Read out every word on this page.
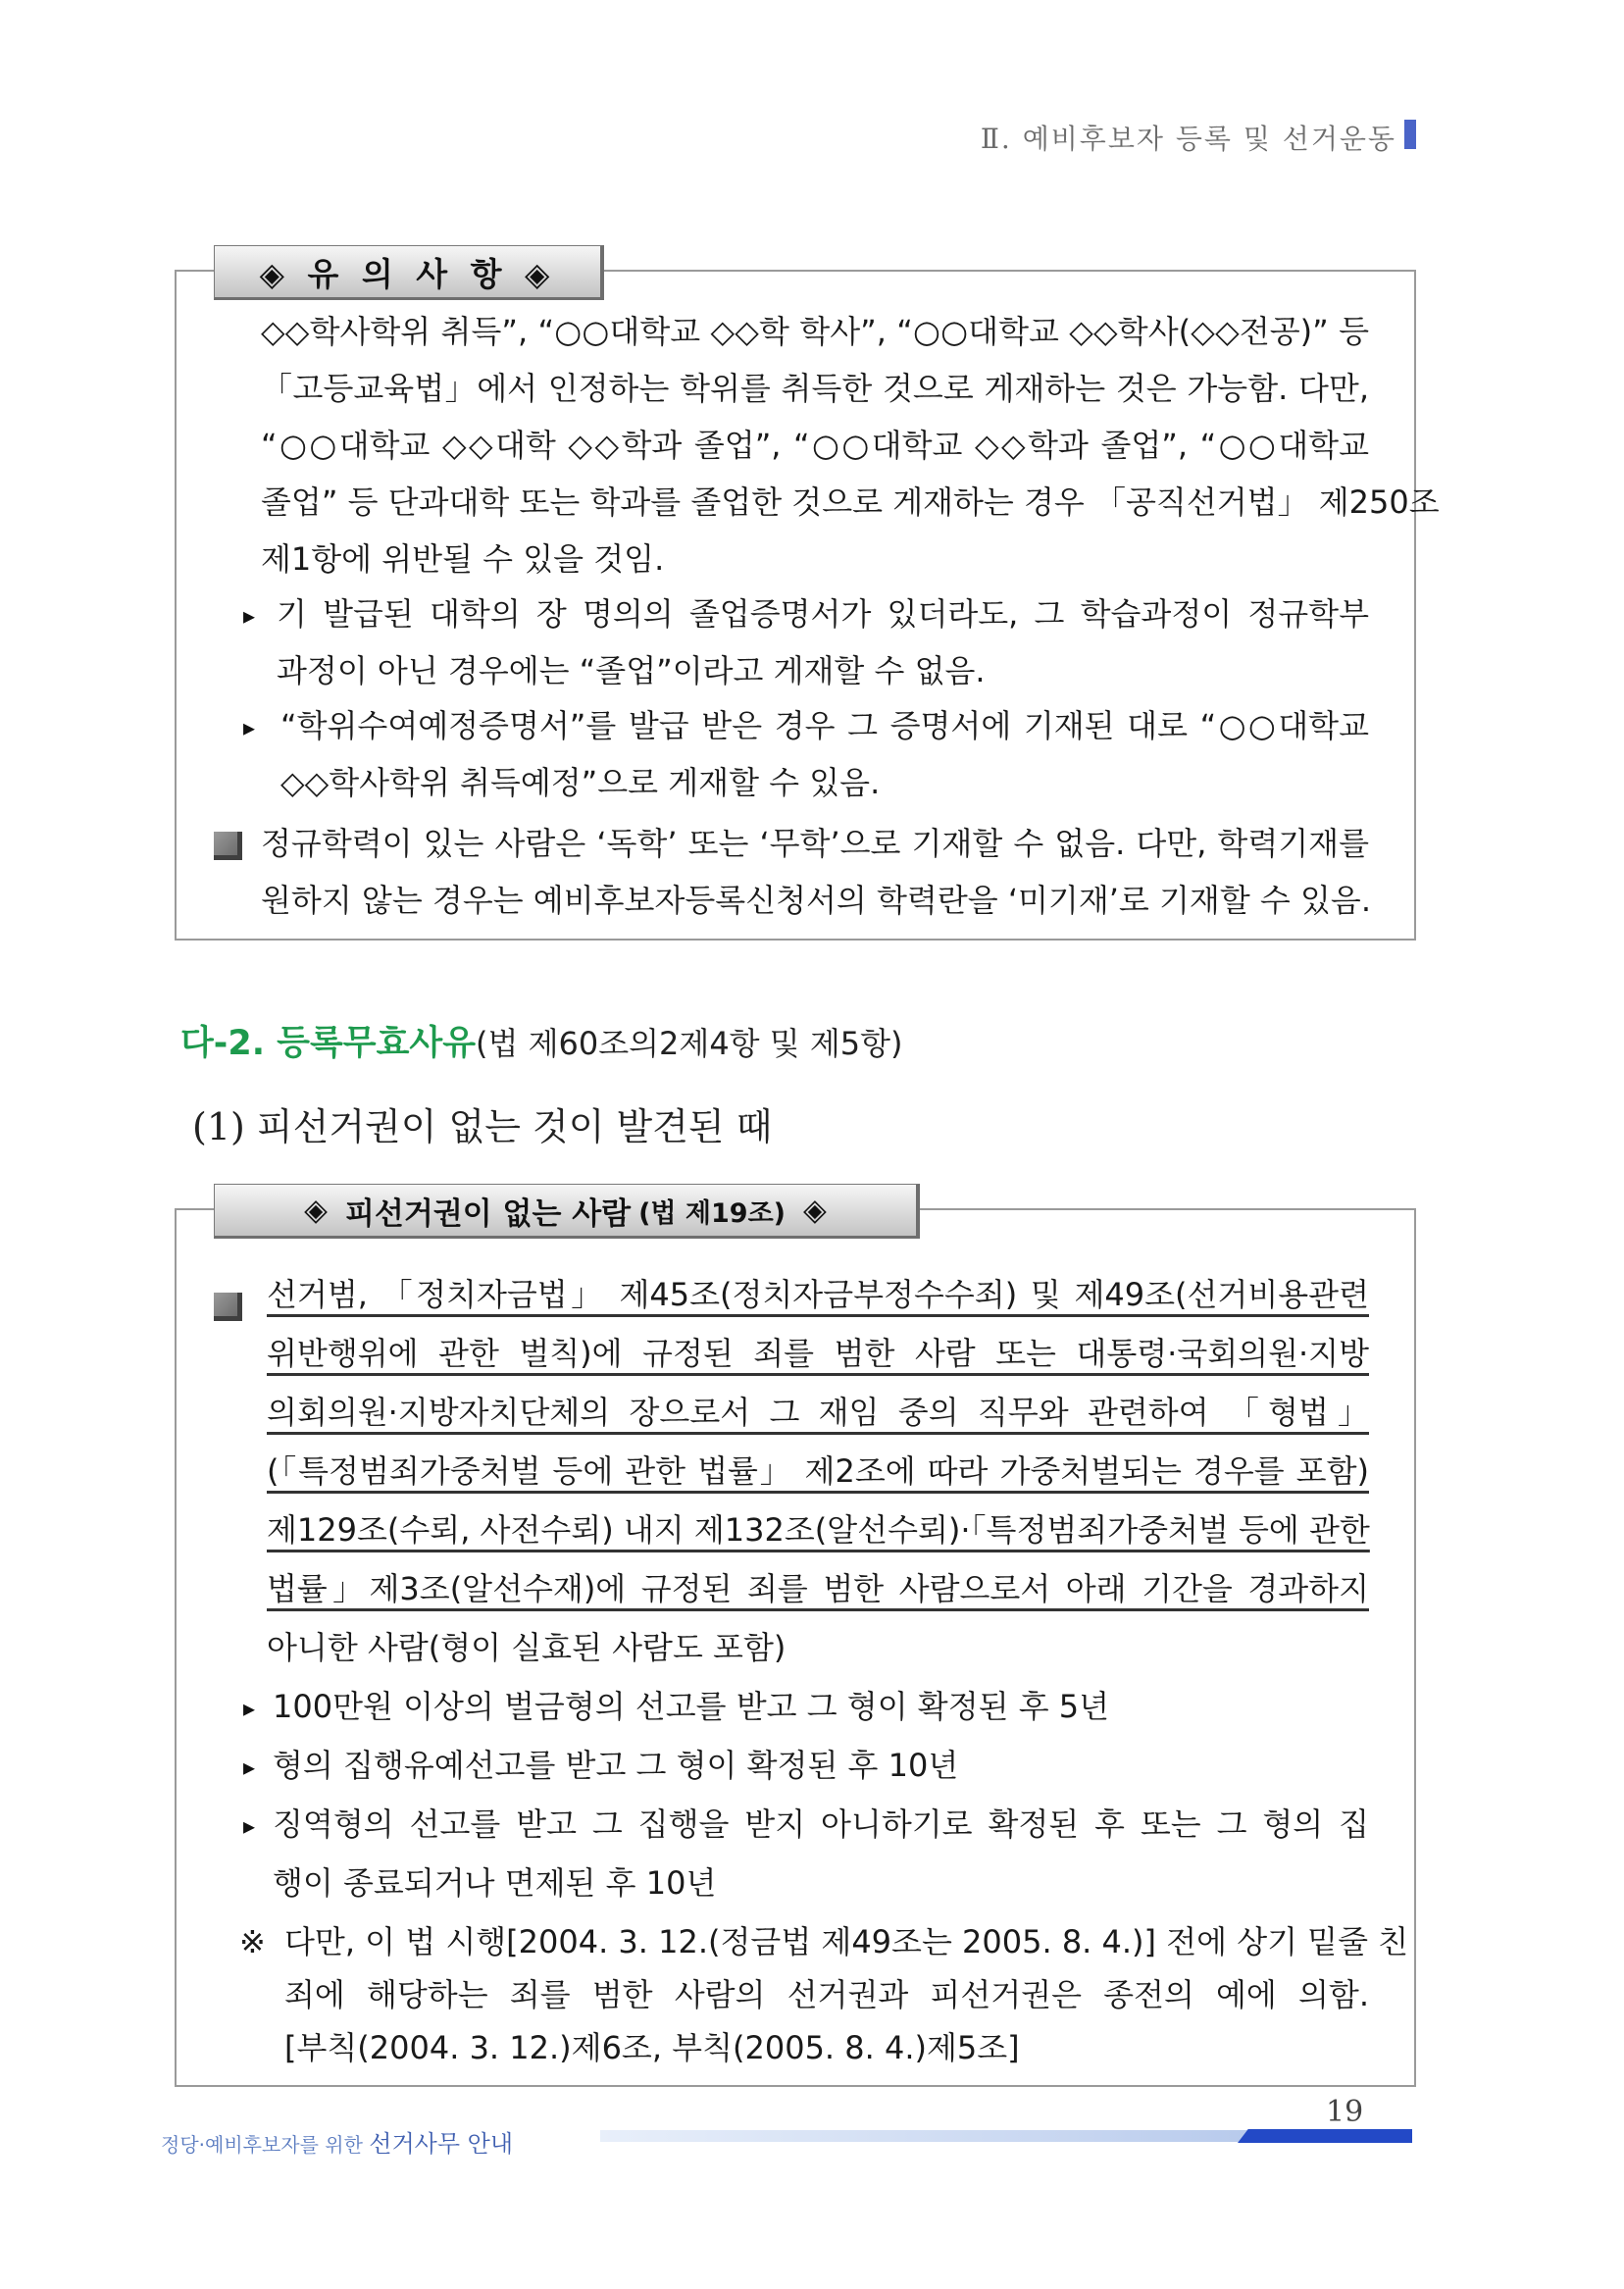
Ⅱ. 예비후보자 등록 및 선거운동
◈ 유 의 사 항 ◈
◇◇학사학위 취득”, “○○대학교 ◇◇학 학사”, “○○대학교 ◇◇학사(◇◇전공)” 등
「고등교육법」에서 인정하는 학위를 취득한 것으로 게재하는 것은 가능함. 다만,
“○○대학교 ◇◇대학 ◇◇학과 졸업”, “○○대학교 ◇◇학과 졸업”, “○○대학교
졸업” 등 단과대학 또는 학과를 졸업한 것으로 게재하는 경우 「공직선거법」 제250조
제1항에 위반될 수 있을 것임.
▸ 기 발급된 대학의 장 명의의 졸업증명서가 있더라도, 그 학습과정이 정규학부
과정이 아닌 경우에는 “졸업”이라고 게재할 수 없음.
▸ “학위수여예정증명서”를 발급 받은 경우 그 증명서에 기재된 대로 “○○대학교
◇◇학사학위 취득예정”으로 게재할 수 있음.
정규학력이 있는 사람은 ‘독학’ 또는 ‘무학’으로 기재할 수 없음. 다만, 학력기재를
원하지 않는 경우는 예비후보자등록신청서의 학력란을 ‘미기재’로 기재할 수 있음.
다-2. 등록무효사유(법 제60조의2제4항 및 제5항)
(1) 피선거권이 없는 것이 발견된 때
◈ 피선거권이 없는 사람 (법 제19조) ◈
선거범, 「정치자금법」 제45조(정치자금부정수수죄) 및 제49조(선거비용관련
위반행위에 관한 벌칙)에 규정된 죄를 범한 사람 또는 대통령·국회의원·지방
의회의원·지방자치단체의 장으로서 그 재임 중의 직무와 관련하여 「형법」
(「특정범죄가중처벌 등에 관한 법률」 제2조에 따라 가중처벌되는 경우를 포함)
제129조(수뢰, 사전수뢰) 내지 제132조(알선수뢰)·「특정범죄가중처벌 등에 관한
법률」제3조(알선수재)에 규정된 죄를 범한 사람으로서 아래 기간을 경과하지
아니한 사람(형이 실효된 사람도 포함)
▸ 100만원 이상의 벌금형의 선고를 받고 그 형이 확정된 후 5년
▸ 형의 집행유예선고를 받고 그 형이 확정된 후 10년
▸ 징역형의 선고를 받고 그 집행을 받지 아니하기로 확정된 후 또는 그 형의 집
행이 종료되거나 면제된 후 10년
※ 다만, 이 법 시행[2004. 3. 12.(정금법 제49조는 2005. 8. 4.)] 전에 상기 밑줄 친
죄에 해당하는 죄를 범한 사람의 선거권과 피선거권은 종전의 예에 의함.
[부칙(2004. 3. 12.)제6조, 부칙(2005. 8. 4.)제5조]
19
정당·예비후보자를 위한 선거사무 안내
